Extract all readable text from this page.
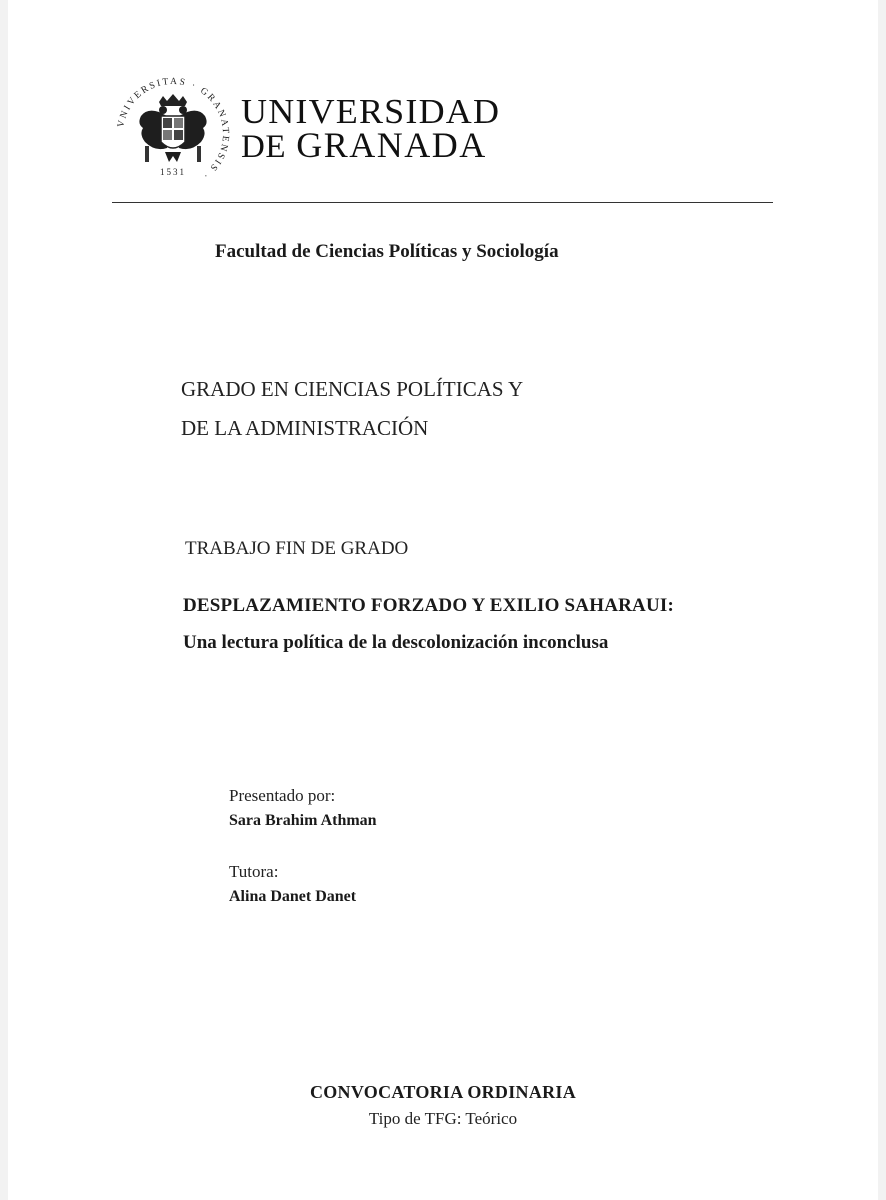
VNIVERSITAS · GRANATENSIS ·
1531
UNIVERSIDAD
DE GRANADA
Facultad de Ciencias Políticas y Sociología
GRADO EN CIENCIAS POLÍTICAS Y
DE LA ADMINISTRACIÓN
TRABAJO FIN DE GRADO
DESPLAZAMIENTO FORZADO Y EXILIO SAHARAUI:
Una lectura política de la descolonización inconclusa
Presentado por:
Sara Brahim Athman
Tutora:
Alina Danet Danet
CONVOCATORIA ORDINARIA
Tipo de TFG: Teórico
